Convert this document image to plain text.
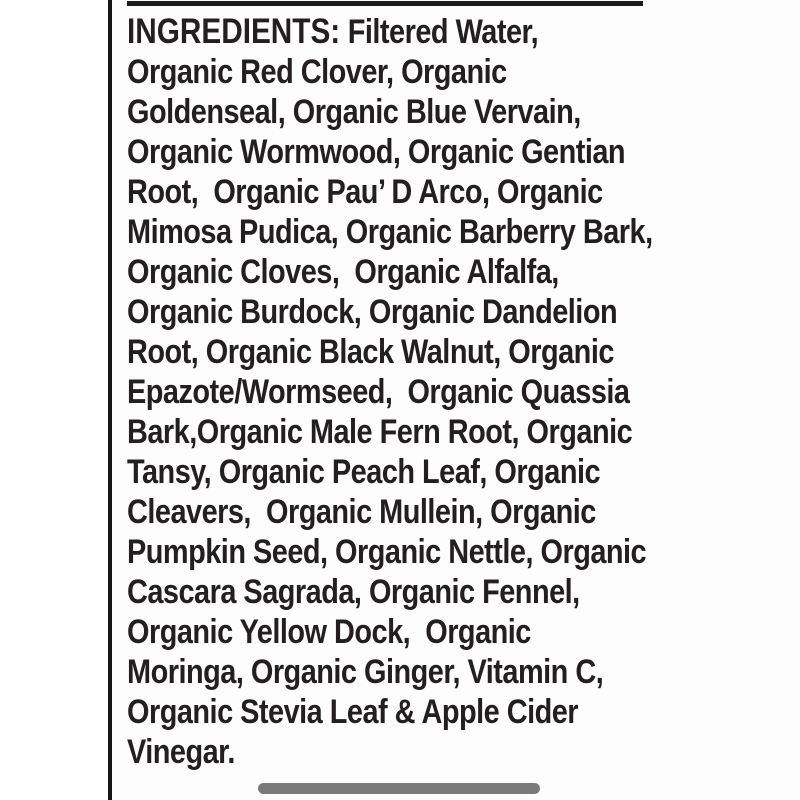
INGREDIENTS: Filtered Water,
Organic Red Clover, Organic
Goldenseal, Organic Blue Vervain,
Organic Wormwood, Organic Gentian
Root,  Organic Pau’ D Arco, Organic
Mimosa Pudica, Organic Barberry Bark,
Organic Cloves,  Organic Alfalfa,
Organic Burdock, Organic Dandelion
Root, Organic Black Walnut, Organic
Epazote/Wormseed,  Organic Quassia
Bark,Organic Male Fern Root, Organic
Tansy, Organic Peach Leaf, Organic
Cleavers,  Organic Mullein, Organic
Pumpkin Seed, Organic Nettle, Organic
Cascara Sagrada, Organic Fennel,
Organic Yellow Dock,  Organic
Moringa, Organic Ginger, Vitamin C,
Organic Stevia Leaf & Apple Cider
Vinegar.
